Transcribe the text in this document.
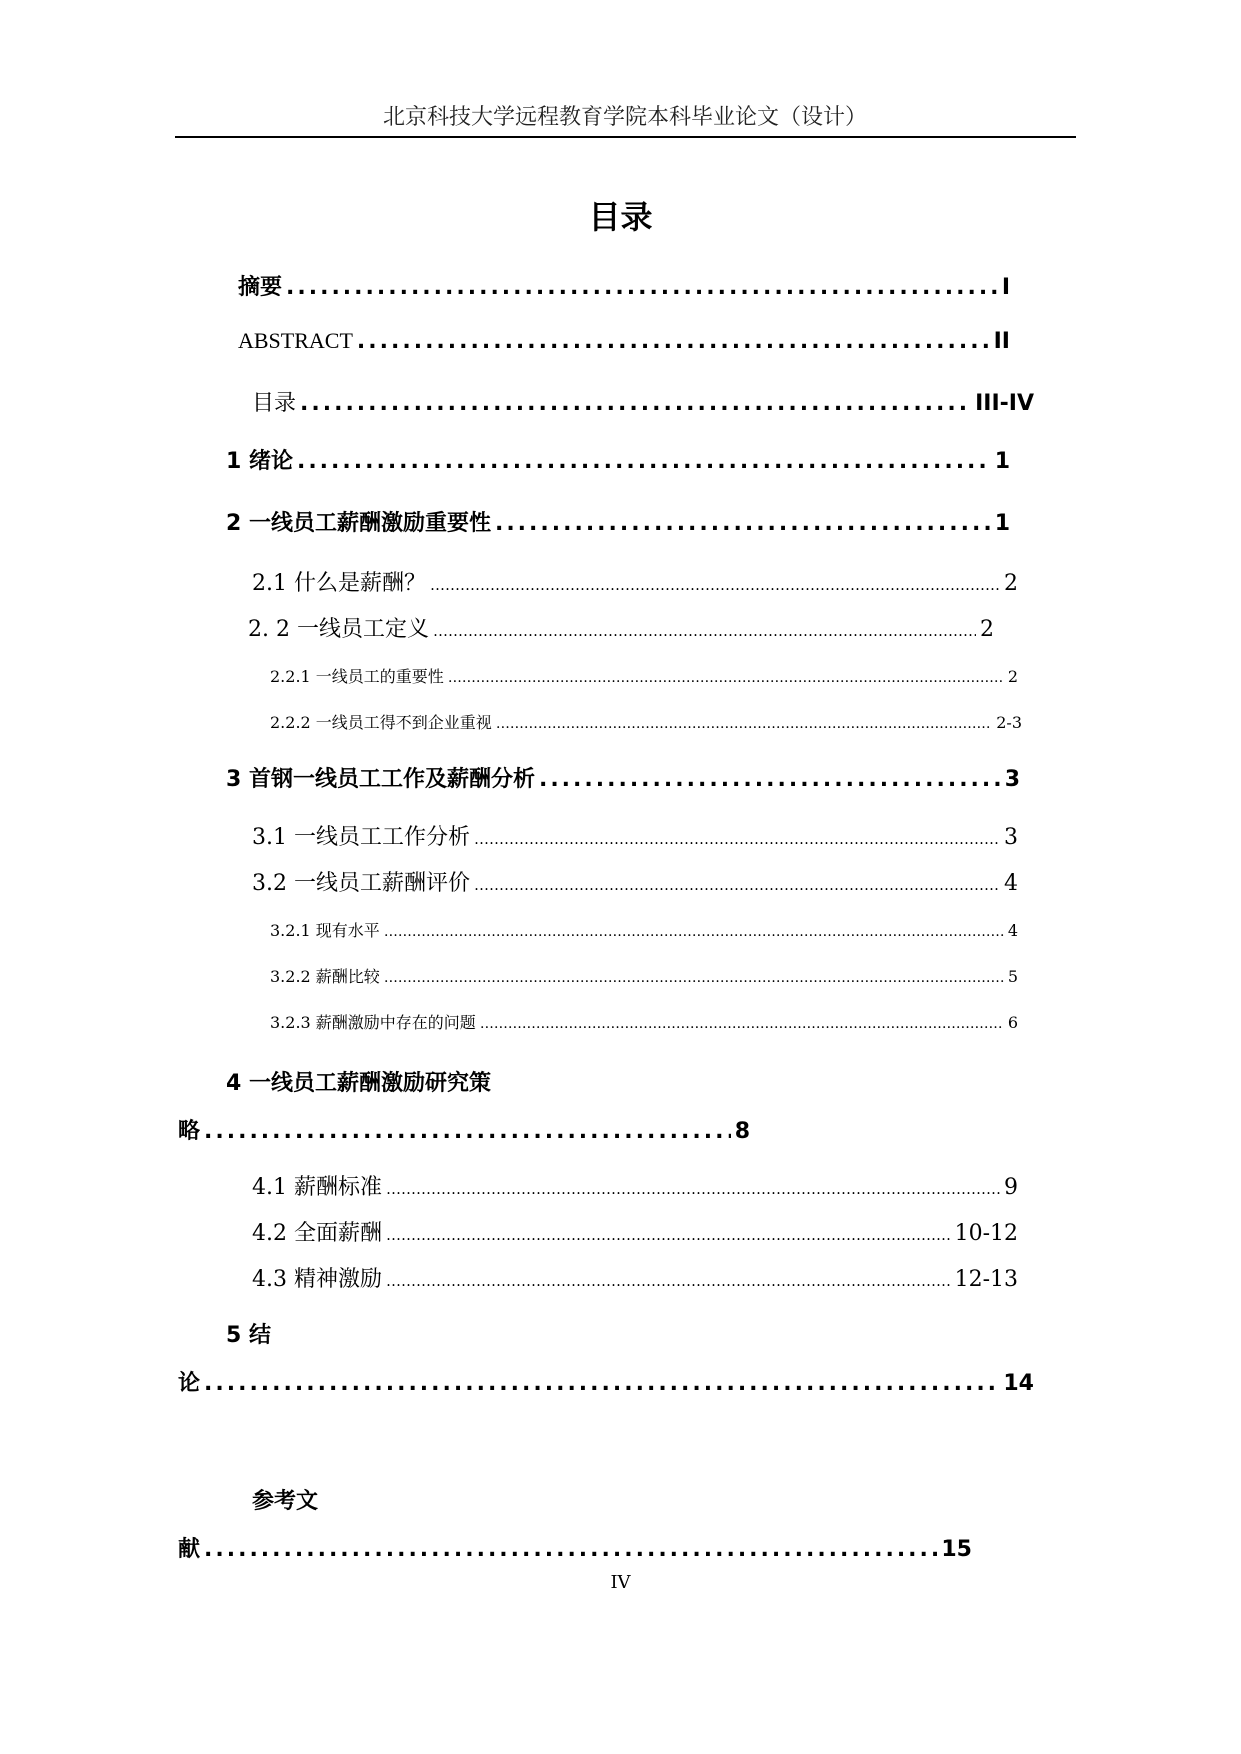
北京科技大学远程教育学院本科毕业论文（设计）
目录
摘要 .....	I
ABSTRACT .....	II
目录 .....	III-IV
1 绪论 .....	1
2 一线员工薪酬激励重要性 .....	1
2.1 什么是薪酬？ ………………………………………………………………………………………………………………………………………	2
2. 2 一线员工定义 ………………………………………………………………………………………………………………………………………	2
2.2.1 一线员工的重要性 …………………………………………………………………………………………………………………………………………………	2
2.2.2 一线员工得不到企业重视 …………………………………………………………………………………………………………………………………………………	2-3
3 首钢一线员工工作及薪酬分析 .....	3
3.1 一线员工工作分析 ………………………………………………………………………………………………………………………………………	3
3.2 一线员工薪酬评价 ………………………………………………………………………………………………………………………………………	4
3.2.1 现有水平 …………………………………………………………………………………………………………………………………………………	4
3.2.2 薪酬比较 …………………………………………………………………………………………………………………………………………………	5
3.2.3 薪酬激励中存在的问题 …………………………………………………………………………………………………………………………………………………	6
4 一线员工薪酬激励研究策
略 .....	8
4.1 薪酬标准 ………………………………………………………………………………………………………………………………………	9
4.2 全面薪酬 ………………………………………………………………………………………………………………………………………	10-12
4.3 精神激励 ………………………………………………………………………………………………………………………………………	12-13
5 结
论 .....	14
参考文
献 .....	15
IV
